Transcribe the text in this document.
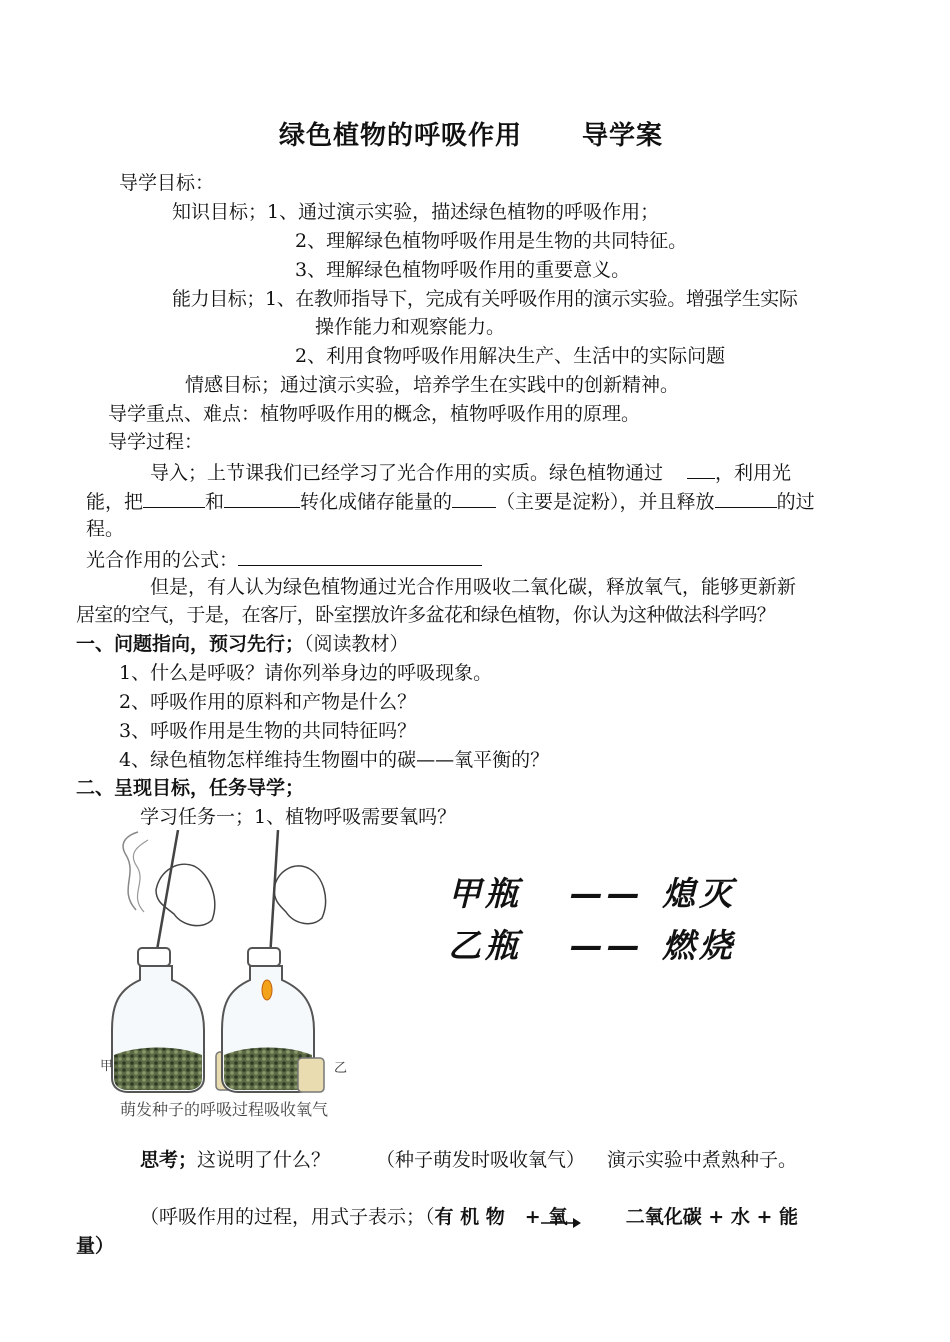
绿色植物的呼吸作用 导学案
导学目标：
知识目标；1、通过演示实验，描述绿色植物的呼吸作用；
2、理解绿色植物呼吸作用是生物的共同特征。
3、理解绿色植物呼吸作用的重要意义。
能力目标；1、在教师指导下，完成有关呼吸作用的演示实验。增强学生实际
操作能力和观察能力。
2、利用食物呼吸作用解决生产、生活中的实际问题
情感目标；通过演示实验，培养学生在实践中的创新精神。
导学重点、难点：植物呼吸作用的概念，植物呼吸作用的原理。
导学过程：
导入；上节课我们已经学习了光合作用的实质。绿色植物通过	，利用光
能，把	和	转化成储存能量的 （主要是淀粉），并且释放	的过
程。
光合作用的公式：
但是，有人认为绿色植物通过光合作用吸收二氧化碳，释放氧气，能够更新新
居室的空气，于是，在客厅，卧室摆放许多盆花和绿色植物，你认为这种做法科学吗？
一、问题指向，预习先行；（阅读教材）
1、什么是呼吸？请你列举身边的呼吸现象。
2、呼吸作用的原料和产物是什么？
3、呼吸作用是生物的共同特征吗？
4、绿色植物怎样维持生物圈中的碳——氧平衡的？
二、呈现目标，任务导学；
学习任务一；1、植物呼吸需要氧吗？
甲	乙
萌发种子的呼吸过程吸收氧气
甲瓶 —— 熄灭
乙瓶 —— 燃烧
思考；这说明了什么？ （种子萌发时吸收氧气） 演示实验中煮熟种子。
（呼吸作用的过程，用式子表示；（有 机 物 + 氧	二氧化碳 + 水 + 能
量）
